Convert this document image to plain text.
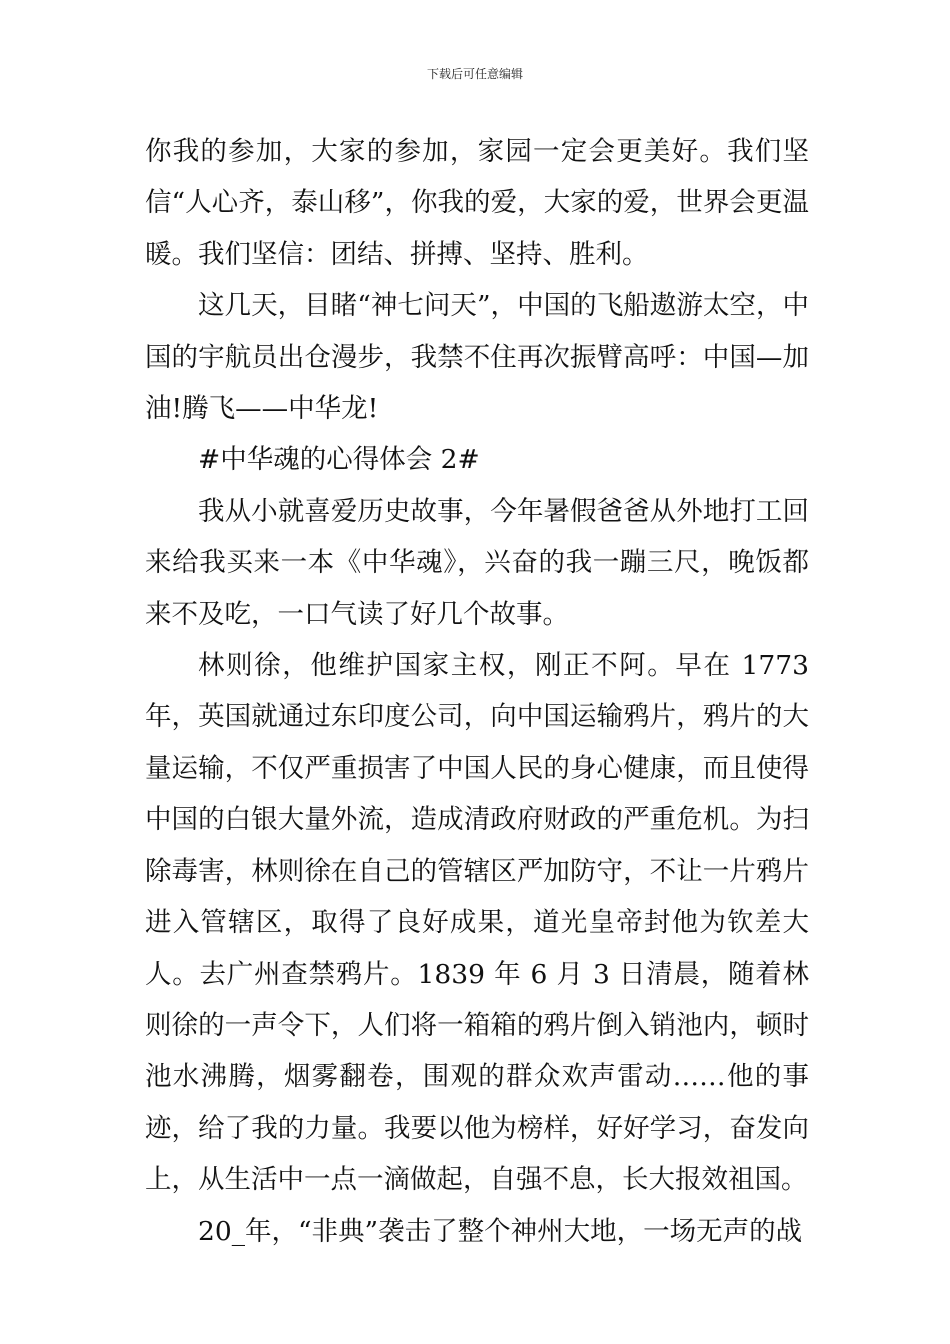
下载后可任意编辑

你我的参加，大家的参加，家园一定会更美好。我们坚信“人心齐，泰山移”，你我的爱，大家的爱，世界会更温暖。我们坚信：团结、拼搏、坚持、胜利。

这几天，目睹“神七问天”，中国的飞船遨游太空，中国的宇航员出仓漫步，我禁不住再次振臂高呼：中国—加油!腾飞——中华龙!

#中华魂的心得体会 2#

我从小就喜爱历史故事，今年暑假爸爸从外地打工回来给我买来一本《中华魂》，兴奋的我一蹦三尺，晚饭都来不及吃，一口气读了好几个故事。

林则徐，他维护国家主权，刚正不阿。早在 1773 年，英国就通过东印度公司，向中国运输鸦片，鸦片的大量运输，不仅严重损害了中国人民的身心健康，而且使得中国的白银大量外流，造成清政府财政的严重危机。为扫除毒害，林则徐在自己的管辖区严加防守，不让一片鸦片进入管辖区，取得了良好成果，道光皇帝封他为钦差大人。去广州查禁鸦片。1839 年 6 月 3 日清晨，随着林则徐的一声令下，人们将一箱箱的鸦片倒入销池内，顿时池水沸腾，烟雾翻卷，围观的群众欢声雷动……他的事迹，给了我的力量。我要以他为榜样，好好学习，奋发向上，从生活中一点一滴做起，自强不息，长大报效祖国。

20_年，“非典”袭击了整个神州大地，一场无声的战
